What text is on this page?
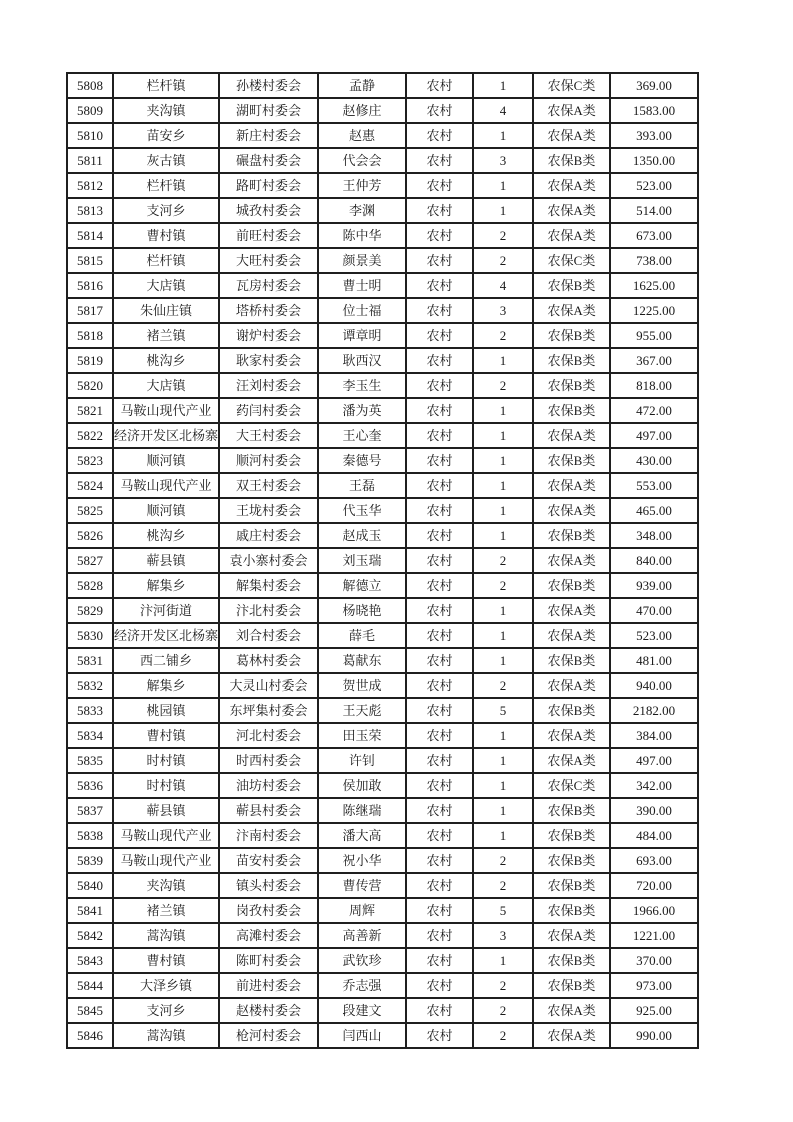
5808	栏杆镇	孙楼村委会	孟静	农村	1	农保C类	369.00
5809	夹沟镇	湖町村委会	赵修庄	农村	4	农保A类	1583.00
5810	苗安乡	新庄村委会	赵惠	农村	1	农保A类	393.00
5811	灰古镇	碾盘村委会	代会会	农村	3	农保B类	1350.00
5812	栏杆镇	路町村委会	王仲芳	农村	1	农保A类	523.00
5813	支河乡	城孜村委会	李渊	农村	1	农保A类	514.00
5814	曹村镇	前旺村委会	陈中华	农村	2	农保A类	673.00
5815	栏杆镇	大旺村委会	颜景美	农村	2	农保C类	738.00
5816	大店镇	瓦房村委会	曹士明	农村	4	农保B类	1625.00
5817	朱仙庄镇	塔桥村委会	位士福	农村	3	农保A类	1225.00
5818	褚兰镇	谢炉村委会	谭章明	农村	2	农保B类	955.00
5819	桃沟乡	耿家村委会	耿西汉	农村	1	农保B类	367.00
5820	大店镇	汪刘村委会	李玉生	农村	2	农保B类	818.00
5821	马鞍山现代产业	药闫村委会	潘为英	农村	1	农保B类	472.00
5822	经济开发区北杨寨	大王村委会	王心奎	农村	1	农保A类	497.00
5823	顺河镇	顺河村委会	秦德号	农村	1	农保B类	430.00
5824	马鞍山现代产业	双王村委会	王磊	农村	1	农保A类	553.00
5825	顺河镇	王垅村委会	代玉华	农村	1	农保A类	465.00
5826	桃沟乡	戚庄村委会	赵成玉	农村	1	农保B类	348.00
5827	蕲县镇	袁小寨村委会	刘玉瑞	农村	2	农保A类	840.00
5828	解集乡	解集村委会	解德立	农村	2	农保B类	939.00
5829	汴河街道	汴北村委会	杨晓艳	农村	1	农保A类	470.00
5830	经济开发区北杨寨	刘合村委会	薛毛	农村	1	农保A类	523.00
5831	西二铺乡	葛林村委会	葛献东	农村	1	农保B类	481.00
5832	解集乡	大灵山村委会	贺世成	农村	2	农保A类	940.00
5833	桃园镇	东坪集村委会	王天彪	农村	5	农保B类	2182.00
5834	曹村镇	河北村委会	田玉荣	农村	1	农保A类	384.00
5835	时村镇	时西村委会	许钊	农村	1	农保A类	497.00
5836	时村镇	油坊村委会	侯加敢	农村	1	农保C类	342.00
5837	蕲县镇	蕲县村委会	陈继瑞	农村	1	农保B类	390.00
5838	马鞍山现代产业	汴南村委会	潘大高	农村	1	农保B类	484.00
5839	马鞍山现代产业	苗安村委会	祝小华	农村	2	农保B类	693.00
5840	夹沟镇	镇头村委会	曹传营	农村	2	农保B类	720.00
5841	褚兰镇	岗孜村委会	周辉	农村	5	农保B类	1966.00
5842	蒿沟镇	高滩村委会	高善新	农村	3	农保A类	1221.00
5843	曹村镇	陈町村委会	武钦珍	农村	1	农保B类	370.00
5844	大泽乡镇	前进村委会	乔志强	农村	2	农保B类	973.00
5845	支河乡	赵楼村委会	段建文	农村	2	农保A类	925.00
5846	蒿沟镇	枪河村委会	闫西山	农村	2	农保A类	990.00
